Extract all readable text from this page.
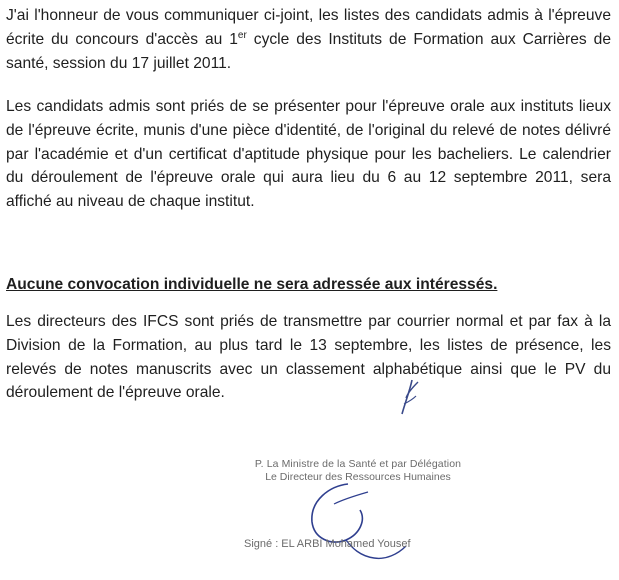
J'ai l'honneur de vous communiquer ci-joint, les listes des candidats admis à l'épreuve écrite du concours d'accès au 1er cycle des Instituts de Formation aux Carrières de santé, session du 17 juillet 2011.

Les candidats admis sont priés de se présenter pour l'épreuve orale aux instituts lieux de l'épreuve écrite, munis d'une pièce d'identité, de l'original du relevé de notes délivré par l'académie et d'un certificat d'aptitude physique pour les bacheliers. Le calendrier du déroulement de l'épreuve orale qui aura lieu du 6 au 12 septembre 2011, sera affiché au niveau de chaque institut.

Aucune convocation individuelle ne sera adressée aux intéressés.

Les directeurs des IFCS sont priés de transmettre par courrier normal et par fax à la Division de la Formation, au plus tard le 13 septembre, les listes de présence, les relevés de notes manuscrits avec un classement alphabétique ainsi que le PV du déroulement de l'épreuve orale.

P. La Ministre de la Santé et par Délégation
Le Directeur des Ressources Humaines
Signé : EL ARBI Mohamed Yousef
